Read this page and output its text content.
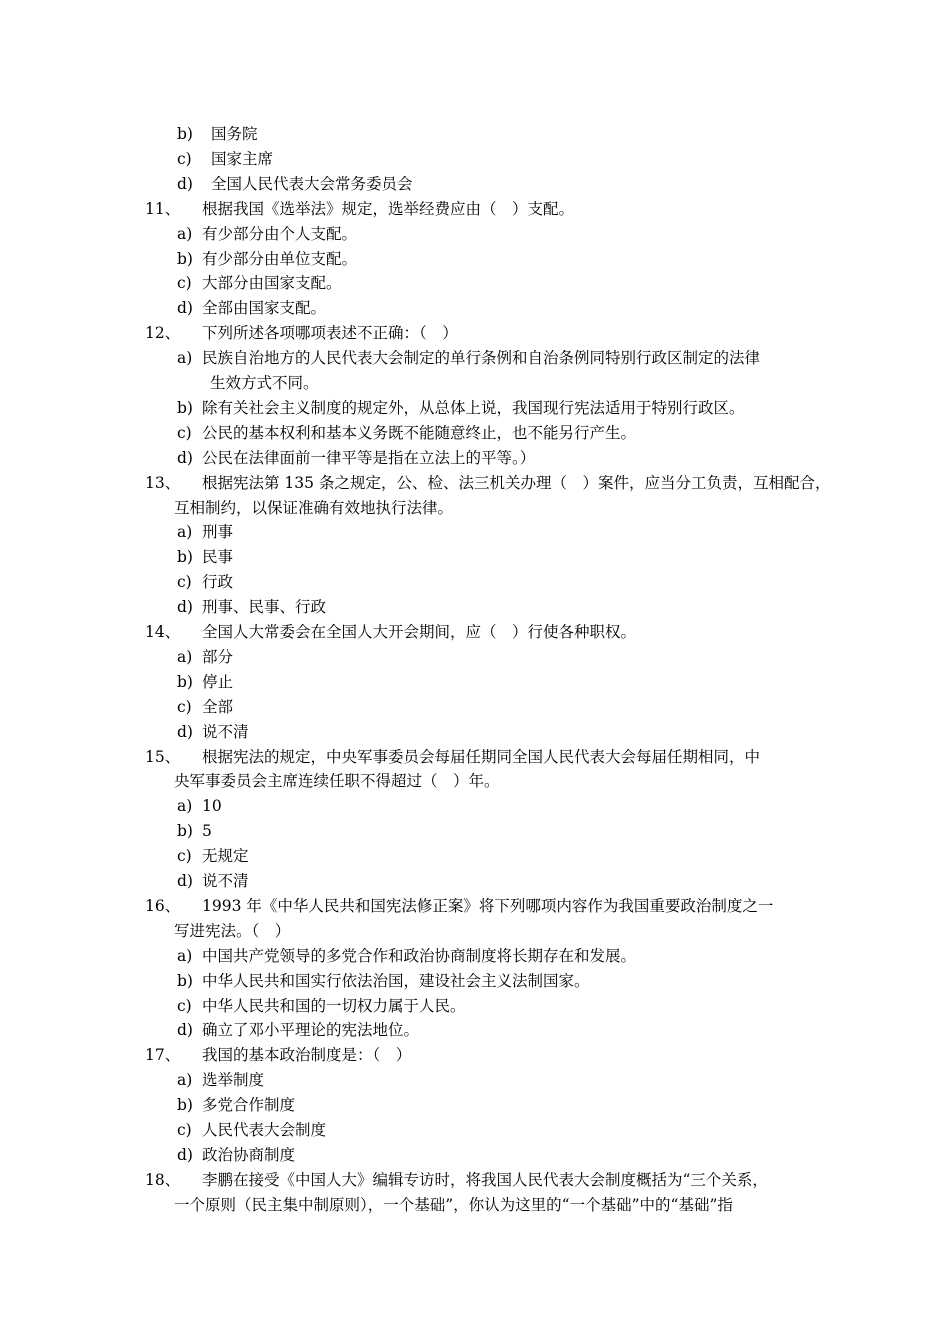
b) 国务院
c) 国家主席
d) 全国人民代表大会常务委员会
11、 根据我国《选举法》规定，选举经费应由（　）支配。
a) 有少部分由个人支配。
b) 有少部分由单位支配。
c) 大部分由国家支配。
d) 全部由国家支配。
12、 下列所述各项哪项表述不正确：（　）
a) 民族自治地方的人民代表大会制定的单行条例和自治条例同特别行政区制定的法律
生效方式不同。
b) 除有关社会主义制度的规定外，从总体上说，我国现行宪法适用于特别行政区。
c) 公民的基本权利和基本义务既不能随意终止，也不能另行产生。
d) 公民在法律面前一律平等是指在立法上的平等。）
13、 根据宪法第 135 条之规定，公、检、法三机关办理（　）案件，应当分工负责，互相配合，
互相制约，以保证准确有效地执行法律。
a) 刑事
b) 民事
c) 行政
d) 刑事、民事、行政
14、 全国人大常委会在全国人大开会期间，应（　）行使各种职权。
a) 部分
b) 停止
c) 全部
d) 说不清
15、 根据宪法的规定，中央军事委员会每届任期同全国人民代表大会每届任期相同，中
央军事委员会主席连续任职不得超过（　）年。
a) 10
b) 5
c) 无规定
d) 说不清
16、 1993 年《中华人民共和国宪法修正案》将下列哪项内容作为我国重要政治制度之一
写进宪法。（　）
a) 中国共产党领导的多党合作和政治协商制度将长期存在和发展。
b) 中华人民共和国实行依法治国，建设社会主义法制国家。
c) 中华人民共和国的一切权力属于人民。
d) 确立了邓小平理论的宪法地位。
17、 我国的基本政治制度是：（　）
a) 选举制度
b) 多党合作制度
c) 人民代表大会制度
d) 政治协商制度
18、 李鹏在接受《中国人大》编辑专访时，将我国人民代表大会制度概括为“三个关系，
一个原则（民主集中制原则），一个基础”，你认为这里的“一个基础”中的“基础”指
